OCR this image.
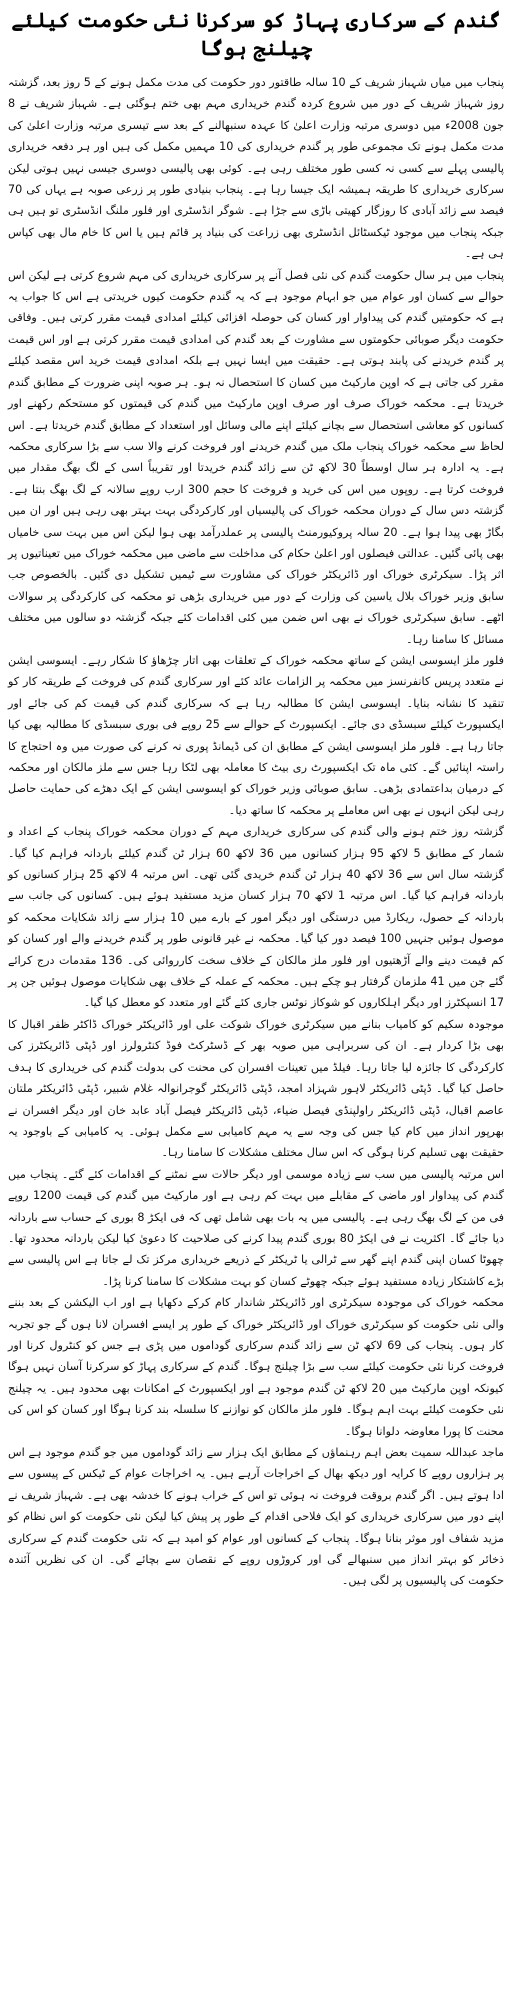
گندم کے سرکاری پہاڑ کو سرکرنا نئی حکومت کیلئے چیلنج ہوگا

پنجاب میں میاں شہباز شریف کے 10 سالہ طاقتور دور حکومت کی مدت مکمل ہونے کے 5 روز بعد، گزشتہ روز شہباز شریف کے دور میں شروع کردہ گندم خریداری مہم بھی ختم ہوگئی ہے۔ شہباز شریف نے 8 جون 2008ء میں دوسری مرتبہ وزارت اعلیٰ کا عہدہ سنبھالنے کے بعد سے تیسری مرتبہ وزارت اعلیٰ کی مدت مکمل ہونے تک مجموعی طور پر گندم خریداری کی 10 مہمیں مکمل کی ہیں اور ہر دفعہ خریداری پالیسی پہلے سے کسی نہ کسی طور مختلف رہی ہے۔ کوئی بھی پالیسی دوسری جیسی نہیں ہوتی لیکن سرکاری خریداری کا طریقہ ہمیشہ ایک جیسا رہا ہے۔ پنجاب بنیادی طور پر زرعی صوبہ ہے یہاں کی 70 فیصد سے زائد آبادی کا روزگار کھیتی باڑی سے جڑا ہے۔ شوگر انڈسٹری اور فلور ملنگ انڈسٹری تو ہیں ہی جبکہ پنجاب میں موجود ٹیکسٹائل انڈسٹری بھی زراعت کی بنیاد پر قائم ہیں یا اس کا خام مال بھی کپاس ہی ہے۔

پنجاب میں ہر سال حکومت گندم کی نئی فصل آنے پر سرکاری خریداری کی مہم شروع کرتی ہے لیکن اس حوالے سے کسان اور عوام میں جو ابہام موجود ہے کہ یہ گندم حکومت کیوں خریدتی ہے اس کا جواب یہ ہے کہ حکومتیں گندم کی پیداوار اور کسان کی حوصلہ افزائی کیلئے امدادی قیمت مقرر کرتی ہیں۔ وفاقی حکومت دیگر صوبائی حکومتوں سے مشاورت کے بعد گندم کی امدادی قیمت مقرر کرتی ہے اور اس قیمت پر گندم خریدنے کی پابند ہوتی ہے۔ حقیقت میں ایسا نہیں ہے بلکہ امدادی قیمت خرید اس مقصد کیلئے مقرر کی جاتی ہے کہ اوپن مارکیٹ میں کسان کا استحصال نہ ہو۔ ہر صوبہ اپنی ضرورت کے مطابق گندم خریدتا ہے۔ محکمہ خوراک صرف اور صرف اوپن مارکیٹ میں گندم کی قیمتوں کو مستحکم رکھنے اور کسانوں کو معاشی استحصال سے بچانے کیلئے اپنے مالی وسائل اور استعداد کے مطابق گندم خریدتا ہے۔ اس لحاظ سے محکمہ خوراک پنجاب ملک میں گندم خریدنے اور فروخت کرنے والا سب سے بڑا سرکاری محکمہ ہے۔ یہ ادارہ ہر سال اوسطاً 30 لاکھ ٹن سے زائد گندم خریدتا اور تقریباً اسی کے لگ بھگ مقدار میں فروخت کرتا ہے۔ روپوں میں اس کی خرید و فروخت کا حجم 300 ارب روپے سالانہ کے لگ بھگ بنتا ہے۔ گزشتہ دس سال کے دوران محکمہ خوراک کی پالیسیاں اور کارکردگی بہت بہتر بھی رہی ہیں اور ان میں بگاڑ بھی پیدا ہوا ہے۔ 20 سالہ پروکیورمنٹ پالیسی پر عملدرآمد بھی ہوا لیکن اس میں بہت سی خامیاں بھی پائی گئیں۔ عدالتی فیصلوں اور اعلیٰ حکام کی مداخلت سے ماضی میں محکمہ خوراک میں تعیناتیوں پر اثر پڑا۔ سیکرٹری خوراک اور ڈائریکٹر خوراک کی مشاورت سے ٹیمیں تشکیل دی گئیں۔ بالخصوص جب سابق وزیر خوراک بلال یاسین کی وزارت کے دور میں خریداری بڑھی تو محکمہ کی کارکردگی پر سوالات اٹھے۔ سابق سیکرٹری خوراک نے بھی اس ضمن میں کئی اقدامات کئے جبکہ گزشتہ دو سالوں میں مختلف مسائل کا سامنا رہا۔

فلور ملز ایسوسی ایشن کے ساتھ محکمہ خوراک کے تعلقات بھی اتار چڑھاؤ کا شکار رہے۔ ایسوسی ایشن نے متعدد پریس کانفرنسز میں محکمہ پر الزامات عائد کئے اور سرکاری گندم کی فروخت کے طریقہ کار کو تنقید کا نشانہ بنایا۔ ایسوسی ایشن کا مطالبہ رہا ہے کہ سرکاری گندم کی قیمت کم کی جائے اور ایکسپورٹ کیلئے سبسڈی دی جائے۔ ایکسپورٹ کے حوالے سے 25 روپے فی بوری سبسڈی کا مطالبہ بھی کیا جاتا رہا ہے۔ فلور ملز ایسوسی ایشن کے مطابق ان کی ڈیمانڈ پوری نہ کرنے کی صورت میں وہ احتجاج کا راستہ اپنائیں گے۔ کئی ماہ تک ایکسپورٹ ری بیٹ کا معاملہ بھی لٹکا رہا جس سے ملز مالکان اور محکمہ کے درمیان بداعتمادی بڑھی۔ سابق صوبائی وزیر خوراک کو ایسوسی ایشن کے ایک دھڑے کی حمایت حاصل رہی لیکن انہوں نے بھی اس معاملے پر محکمہ کا ساتھ دیا۔

گزشتہ روز ختم ہونے والی گندم کی سرکاری خریداری مہم کے دوران محکمہ خوراک پنجاب کے اعداد و شمار کے مطابق 5 لاکھ 95 ہزار کسانوں میں 36 لاکھ 60 ہزار ٹن گندم کیلئے باردانہ فراہم کیا گیا۔ گزشتہ سال اس سے 36 لاکھ 40 ہزار ٹن گندم خریدی گئی تھی۔ اس مرتبہ 4 لاکھ 25 ہزار کسانوں کو باردانہ فراہم کیا گیا۔ اس مرتبہ 1 لاکھ 70 ہزار کسان مزید مستفید ہوئے ہیں۔ کسانوں کی جانب سے باردانہ کے حصول، ریکارڈ میں درستگی اور دیگر امور کے بارے میں 10 ہزار سے زائد شکایات محکمہ کو موصول ہوئیں جنہیں 100 فیصد دور کیا گیا۔ محکمہ نے غیر قانونی طور پر گندم خریدنے والے اور کسان کو کم قیمت دینے والے آڑھتیوں اور فلور ملز مالکان کے خلاف سخت کارروائی کی۔ 136 مقدمات درج کرائے گئے جن میں 41 ملزمان گرفتار ہو چکے ہیں۔ محکمہ کے عملہ کے خلاف بھی شکایات موصول ہوئیں جن پر 17 انسپکٹرز اور دیگر اہلکاروں کو شوکاز نوٹس جاری کئے گئے اور متعدد کو معطل کیا گیا۔

موجودہ سکیم کو کامیاب بنانے میں سیکرٹری خوراک شوکت علی اور ڈائریکٹر خوراک ڈاکٹر ظفر اقبال کا بھی بڑا کردار ہے۔ ان کی سربراہی میں صوبہ بھر کے ڈسٹرکٹ فوڈ کنٹرولرز اور ڈپٹی ڈائریکٹرز کی کارکردگی کا جائزہ لیا جاتا رہا۔ فیلڈ میں تعینات افسران کی محنت کی بدولت گندم کی خریداری کا ہدف حاصل کیا گیا۔ ڈپٹی ڈائریکٹر لاہور شہزاد امجد، ڈپٹی ڈائریکٹر گوجرانوالہ غلام شبیر، ڈپٹی ڈائریکٹر ملتان عاصم اقبال، ڈپٹی ڈائریکٹر راولپنڈی فیصل ضیاء، ڈپٹی ڈائریکٹر فیصل آباد عابد خان اور دیگر افسران نے بھرپور انداز میں کام کیا جس کی وجہ سے یہ مہم کامیابی سے مکمل ہوئی۔ یہ کامیابی کے باوجود یہ حقیقت بھی تسلیم کرنا ہوگی کہ اس سال مختلف مشکلات کا سامنا رہا۔

اس مرتبہ پالیسی میں سب سے زیادہ موسمی اور دیگر حالات سے نمٹنے کے اقدامات کئے گئے۔ پنجاب میں گندم کی پیداوار اور ماضی کے مقابلے میں بہت کم رہی ہے اور مارکیٹ میں گندم کی قیمت 1200 روپے فی من کے لگ بھگ رہی ہے۔ پالیسی میں یہ بات بھی شامل تھی کہ فی ایکڑ 8 بوری کے حساب سے باردانہ دیا جائے گا۔ اکثریت نے فی ایکڑ 80 بوری گندم پیدا کرنے کی صلاحیت کا دعویٰ کیا لیکن باردانہ محدود تھا۔ چھوٹا کسان اپنی گندم اپنے گھر سے ٹرالی یا ٹریکٹر کے ذریعے خریداری مرکز تک لے جاتا ہے اس پالیسی سے بڑے کاشتکار زیادہ مستفید ہوئے جبکہ چھوٹے کسان کو بہت مشکلات کا سامنا کرنا پڑا۔

محکمہ خوراک کی موجودہ سیکرٹری اور ڈائریکٹر شاندار کام کرکے دکھایا ہے اور اب الیکشن کے بعد بننے والی نئی حکومت کو سیکرٹری خوراک اور ڈائریکٹر خوراک کے طور پر ایسے افسران لانا ہوں گے جو تجربہ کار ہوں۔ پنجاب کی 69 لاکھ ٹن سے زائد گندم سرکاری گوداموں میں پڑی ہے جس کو کنٹرول کرنا اور فروخت کرنا نئی حکومت کیلئے سب سے بڑا چیلنج ہوگا۔ گندم کے سرکاری پہاڑ کو سرکرنا آسان نہیں ہوگا کیونکہ اوپن مارکیٹ میں 20 لاکھ ٹن گندم موجود ہے اور ایکسپورٹ کے امکانات بھی محدود ہیں۔ یہ چیلنج نئی حکومت کیلئے بہت اہم ہوگا۔ فلور ملز مالکان کو نوازنے کا سلسلہ بند کرنا ہوگا اور کسان کو اس کی محنت کا پورا معاوضہ دلوانا ہوگا۔

ماجد عبداللہ سمیت بعض اہم رہنماؤں کے مطابق ایک ہزار سے زائد گوداموں میں جو گندم موجود ہے اس پر ہزاروں روپے کا کرایہ اور دیکھ بھال کے اخراجات آرہے ہیں۔ یہ اخراجات عوام کے ٹیکس کے پیسوں سے ادا ہوتے ہیں۔ اگر گندم بروقت فروخت نہ ہوئی تو اس کے خراب ہونے کا خدشہ بھی ہے۔ شہباز شریف نے اپنے دور میں سرکاری خریداری کو ایک فلاحی اقدام کے طور پر پیش کیا لیکن نئی حکومت کو اس نظام کو مزید شفاف اور موثر بنانا ہوگا۔ پنجاب کے کسانوں اور عوام کو امید ہے کہ نئی حکومت گندم کے سرکاری ذخائر کو بہتر انداز میں سنبھالے گی اور کروڑوں روپے کے نقصان سے بچائے گی۔ ان کی نظریں آئندہ حکومت کی پالیسیوں پر لگی ہیں۔
